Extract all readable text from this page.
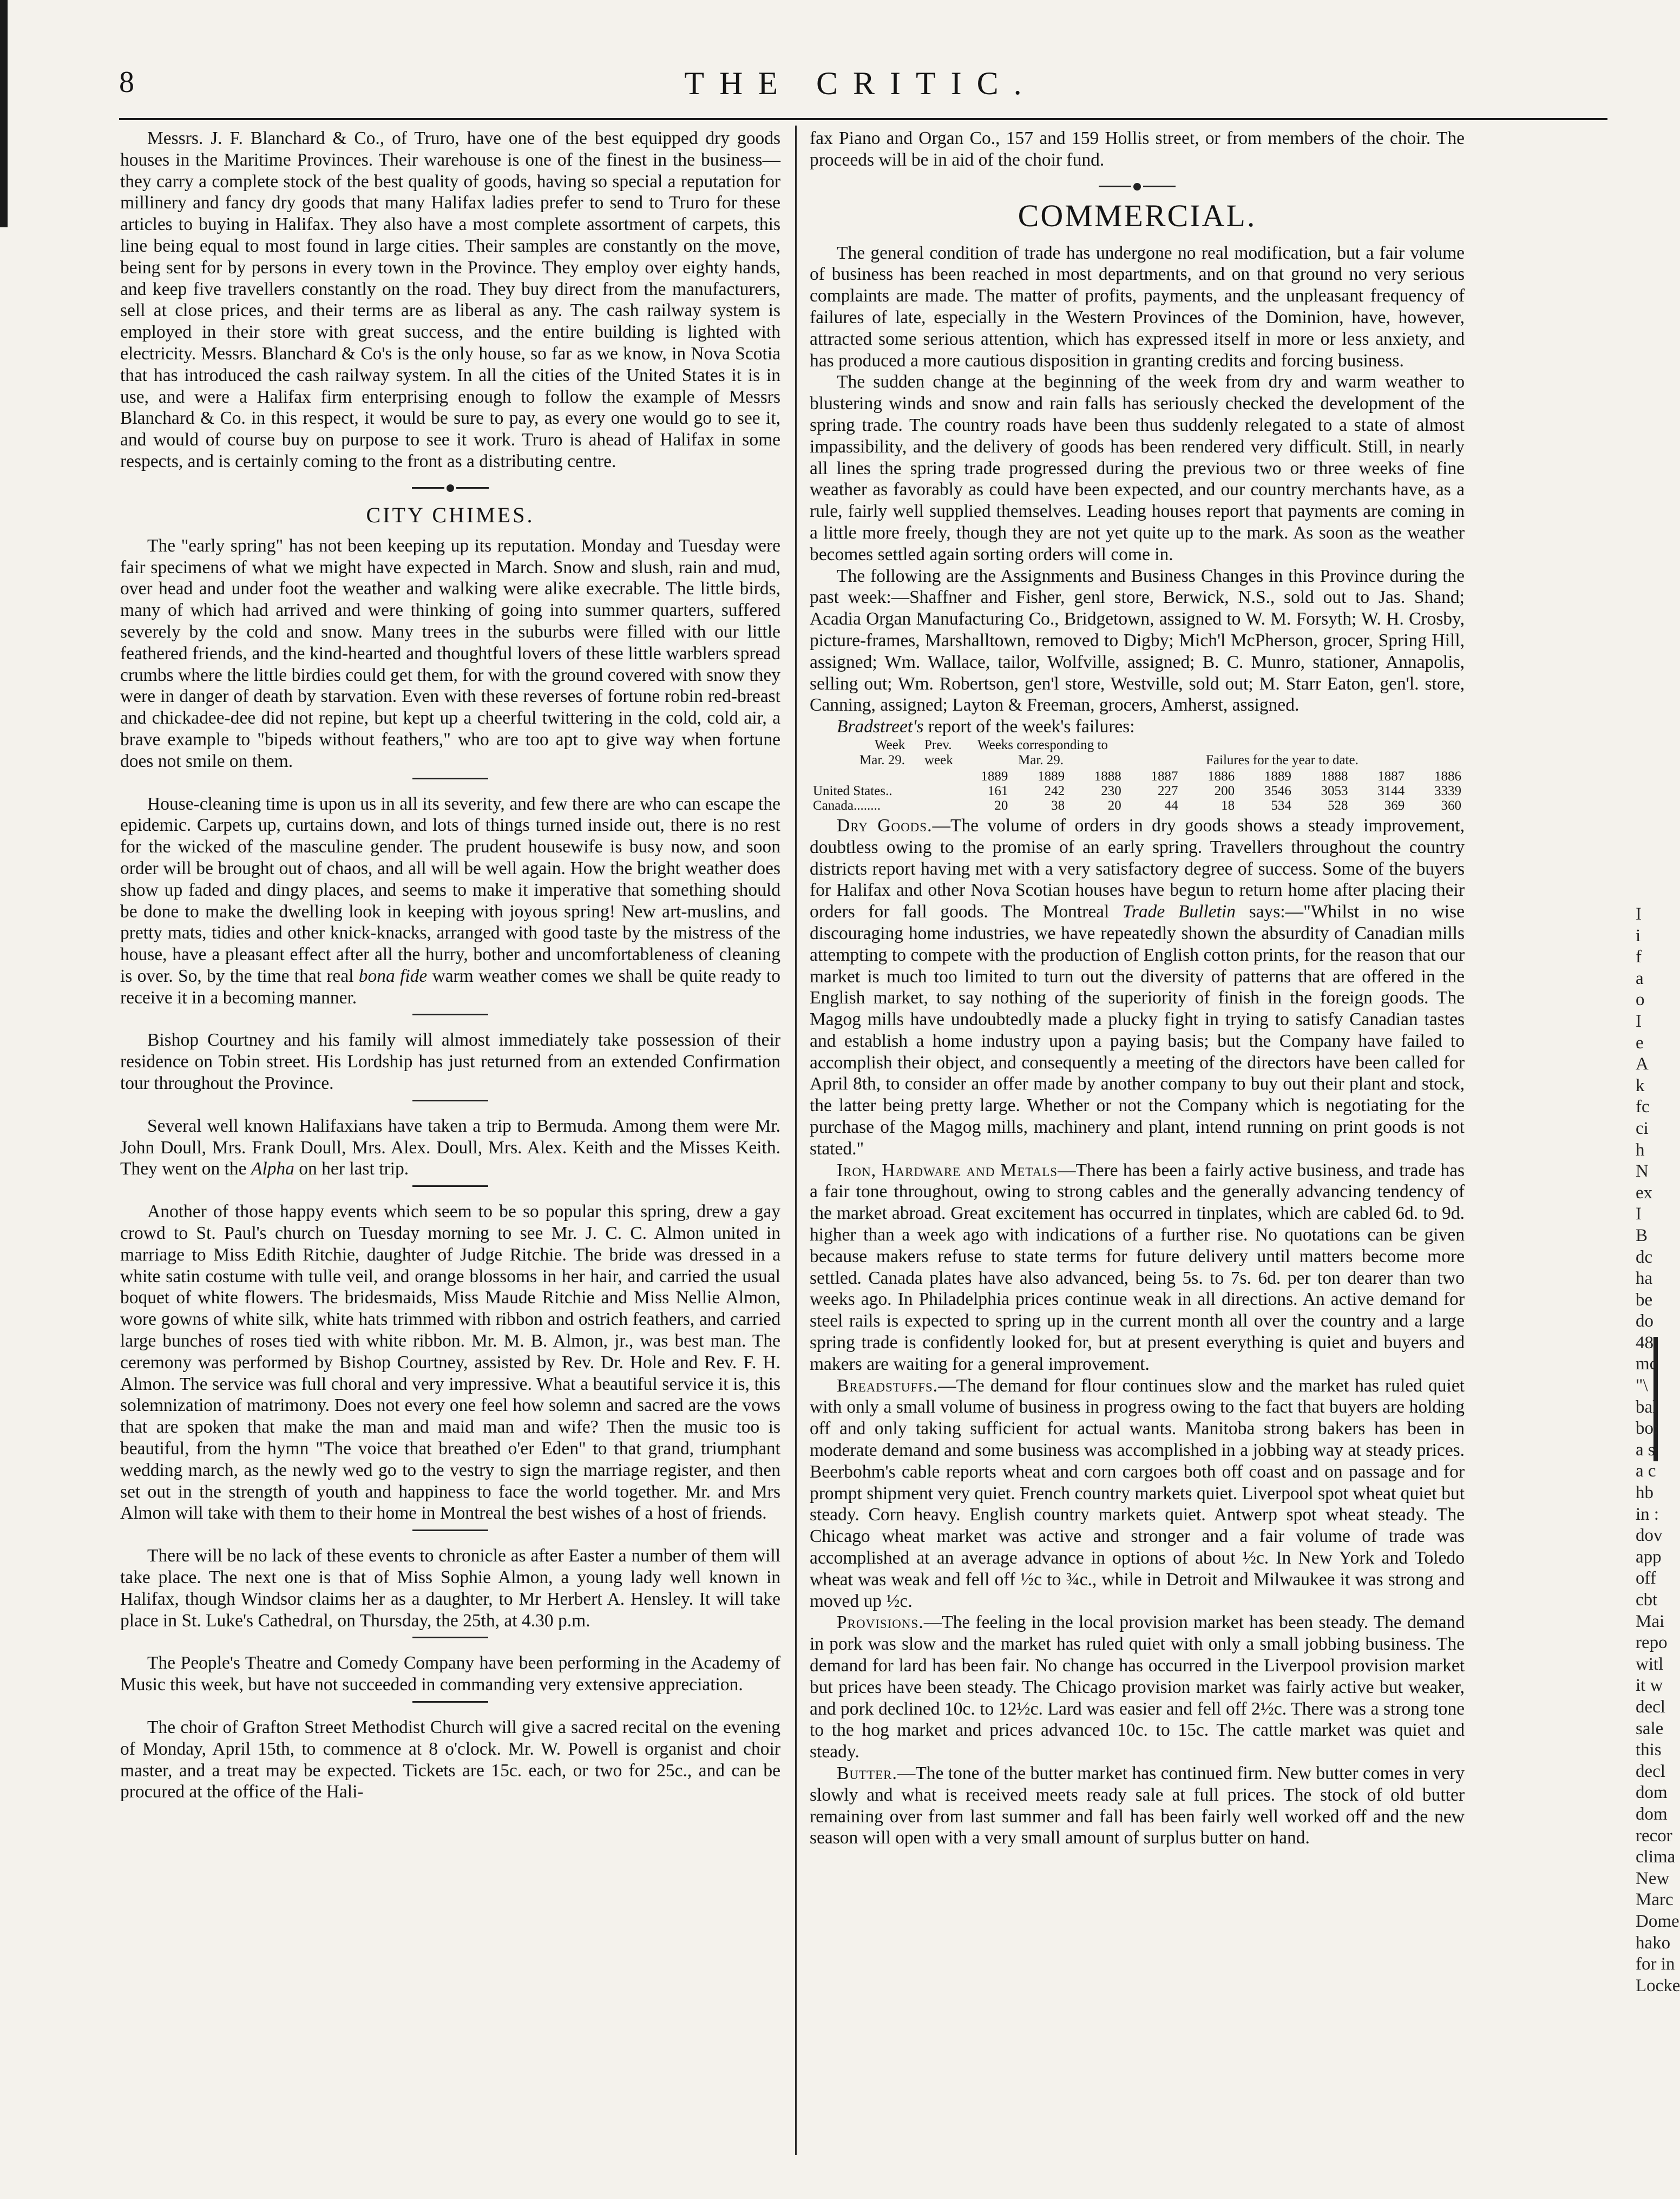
8	THE CRITIC.

Messrs. J. F. Blanchard & Co., of Truro, have one of the best equipped dry goods houses in the Maritime Provinces. Their warehouse is one of the finest in the business—they carry a complete stock of the best quality of goods, having so special a reputation for millinery and fancy dry goods that many Halifax ladies prefer to send to Truro for these articles to buying in Halifax. They also have a most complete assortment of carpets, this line being equal to most found in large cities. Their samples are constantly on the move, being sent for by persons in every town in the Province. They employ over eighty hands, and keep five travellers constantly on the road. They buy direct from the manufacturers, sell at close prices, and their terms are as liberal as any. The cash railway system is employed in their store with great success, and the entire building is lighted with electricity. Messrs. Blanchard & Co's is the only house, so far as we know, in Nova Scotia that has introduced the cash railway system. In all the cities of the United States it is in use, and were a Halifax firm enterprising enough to follow the example of Messrs Blanchard & Co. in this respect, it would be sure to pay, as every one would go to see it, and would of course buy on purpose to see it work. Truro is ahead of Halifax in some respects, and is certainly coming to the front as a distributing centre.

CITY CHIMES.

The "early spring" has not been keeping up its reputation. Monday and Tuesday were fair specimens of what we might have expected in March. Snow and slush, rain and mud, over head and under foot the weather and walking were alike execrable. The little birds, many of which had arrived and were thinking of going into summer quarters, suffered severely by the cold and snow. Many trees in the suburbs were filled with our little feathered friends, and the kind-hearted and thoughtful lovers of these little warblers spread crumbs where the little birdies could get them, for with the ground covered with snow they were in danger of death by starvation. Even with these reverses of fortune robin red-breast and chickadee-dee did not repine, but kept up a cheerful twittering in the cold, cold air, a brave example to "bipeds without feathers," who are too apt to give way when fortune does not smile on them.

House-cleaning time is upon us in all its severity, and few there are who can escape the epidemic. Carpets up, curtains down, and lots of things turned inside out, there is no rest for the wicked of the masculine gender. The prudent housewife is busy now, and soon order will be brought out of chaos, and all will be well again. How the bright weather does show up faded and dingy places, and seems to make it imperative that something should be done to make the dwelling look in keeping with joyous spring! New art-muslins, and pretty mats, tidies and other knick-knacks, arranged with good taste by the mistress of the house, have a pleasant effect after all the hurry, bother and uncomfortableness of cleaning is over. So, by the time that real bona fide warm weather comes we shall be quite ready to receive it in a becoming manner.

Bishop Courtney and his family will almost immediately take possession of their residence on Tobin street. His Lordship has just returned from an extended Confirmation tour throughout the Province.

Several well known Halifaxians have taken a trip to Bermuda. Among them were Mr. John Doull, Mrs. Frank Doull, Mrs. Alex. Doull, Mrs. Alex. Keith and the Misses Keith. They went on the Alpha on her last trip.

Another of those happy events which seem to be so popular this spring, drew a gay crowd to St. Paul's church on Tuesday morning to see Mr. J. C. C. Almon united in marriage to Miss Edith Ritchie, daughter of Judge Ritchie. The bride was dressed in a white satin costume with tulle veil, and orange blossoms in her hair, and carried the usual boquet of white flowers. The bridesmaids, Miss Maude Ritchie and Miss Nellie Almon, wore gowns of white silk, white hats trimmed with ribbon and ostrich feathers, and carried large bunches of roses tied with white ribbon. Mr. M. B. Almon, jr., was best man. The ceremony was performed by Bishop Courtney, assisted by Rev. Dr. Hole and Rev. F. H. Almon. The service was full choral and very impressive. What a beautiful service it is, this solemnization of matrimony. Does not every one feel how solemn and sacred are the vows that are spoken that make the man and maid man and wife? Then the music too is beautiful, from the hymn "The voice that breathed o'er Eden" to that grand, triumphant wedding march, as the newly wed go to the vestry to sign the marriage register, and then set out in the strength of youth and happiness to face the world together. Mr. and Mrs Almon will take with them to their home in Montreal the best wishes of a host of friends.

There will be no lack of these events to chronicle as after Easter a number of them will take place. The next one is that of Miss Sophie Almon, a young lady well known in Halifax, though Windsor claims her as a daughter, to Mr Herbert A. Hensley. It will take place in St. Luke's Cathedral, on Thursday, the 25th, at 4.30 p.m.

The People's Theatre and Comedy Company have been performing in the Academy of Music this week, but have not succeeded in commanding very extensive appreciation.

The choir of Grafton Street Methodist Church will give a sacred recital on the evening of Monday, April 15th, to commence at 8 o'clock. Mr. W. Powell is organist and choir master, and a treat may be expected. Tickets are 15c. each, or two for 25c., and can be procured at the office of the Hali-

fax Piano and Organ Co., 157 and 159 Hollis street, or from members of the choir. The proceeds will be in aid of the choir fund.

COMMERCIAL.

The general condition of trade has undergone no real modification, but a fair volume of business has been reached in most departments, and on that ground no very serious complaints are made. The matter of profits, payments, and the unpleasant frequency of failures of late, especially in the Western Provinces of the Dominion, have, however, attracted some serious attention, which has expressed itself in more or less anxiety, and has produced a more cautious disposition in granting credits and forcing business.

The sudden change at the beginning of the week from dry and warm weather to blustering winds and snow and rain falls has seriously checked the development of the spring trade. The country roads have been thus suddenly relegated to a state of almost impassibility, and the delivery of goods has been rendered very difficult. Still, in nearly all lines the spring trade progressed during the previous two or three weeks of fine weather as favorably as could have been expected, and our country merchants have, as a rule, fairly well supplied themselves. Leading houses report that payments are coming in a little more freely, though they are not yet quite up to the mark. As soon as the weather becomes settled again sorting orders will come in.

The following are the Assignments and Business Changes in this Province during the past week:—Shaffner and Fisher, genl store, Berwick, N.S., sold out to Jas. Shand; Acadia Organ Manufacturing Co., Bridgetown, assigned to W. M. Forsyth; W. H. Crosby, picture-frames, Marshalltown, removed to Digby; Mich'l McPherson, grocer, Spring Hill, assigned; Wm. Wallace, tailor, Wolfville, assigned; B. C. Munro, stationer, Annapolis, selling out; Wm. Robertson, gen'l store, Westville, sold out; M. Starr Eaton, gen'l. store, Canning, assigned; Layton & Freeman, grocers, Amherst, assigned.

Bradstreet's report of the week's failures:

Week Prev. Weeks corresponding to
Mar. 29. week	Mar. 29.	Failures for the year to date.
	1889	1889	1888	1887	1886	1889	1888	1887	1886
United States..	161	242	230	227	200	3546	3053	3144	3339
Canada........	20	38	20	44	18	534	528	369	360

Dry Goods.—The volume of orders in dry goods shows a steady improvement, doubtless owing to the promise of an early spring. Travellers throughout the country districts report having met with a very satisfactory degree of success. Some of the buyers for Halifax and other Nova Scotian houses have begun to return home after placing their orders for fall goods. The Montreal Trade Bulletin says:—"Whilst in no wise discouraging home industries, we have repeatedly shown the absurdity of Canadian mills attempting to compete with the production of English cotton prints, for the reason that our market is much too limited to turn out the diversity of patterns that are offered in the English market, to say nothing of the superiority of finish in the foreign goods. The Magog mills have undoubtedly made a plucky fight in trying to satisfy Canadian tastes and establish a home industry upon a paying basis; but the Company have failed to accomplish their object, and consequently a meeting of the directors have been called for April 8th, to consider an offer made by another company to buy out their plant and stock, the latter being pretty large. Whether or not the Company which is negotiating for the purchase of the Magog mills, machinery and plant, intend running on print goods is not stated."

Iron, Hardware and Metals—There has been a fairly active business, and trade has a fair tone throughout, owing to strong cables and the generally advancing tendency of the market abroad. Great excitement has occurred in tinplates, which are cabled 6d. to 9d. higher than a week ago with indications of a further rise. No quotations can be given because makers refuse to state terms for future delivery until matters become more settled. Canada plates have also advanced, being 5s. to 7s. 6d. per ton dearer than two weeks ago. In Philadelphia prices continue weak in all directions. An active demand for steel rails is expected to spring up in the current month all over the country and a large spring trade is confidently looked for, but at present everything is quiet and buyers and makers are waiting for a general improvement.

Breadstuffs.—The demand for flour continues slow and the market has ruled quiet with only a small volume of business in progress owing to the fact that buyers are holding off and only taking sufficient for actual wants. Manitoba strong bakers has been in moderate demand and some business was accomplished in a jobbing way at steady prices. Beerbohm's cable reports wheat and corn cargoes both off coast and on passage and for prompt shipment very quiet. French country markets quiet. Liverpool spot wheat quiet but steady. Corn heavy. English country markets quiet. Antwerp spot wheat steady. The Chicago wheat market was active and stronger and a fair volume of trade was accomplished at an average advance in options of about ½c. In New York and Toledo wheat was weak and fell off ½c to ¾c., while in Detroit and Milwaukee it was strong and moved up ½c.

Provisions.—The feeling in the local provision market has been steady. The demand in pork was slow and the market has ruled quiet with only a small jobbing business. The demand for lard has been fair. No change has occurred in the Liverpool provision market but prices have been steady. The Chicago provision market was fairly active but weaker, and pork declined 10c. to 12½c. Lard was easier and fell off 2½c. There was a strong tone to the hog market and prices advanced 10c. to 15c. The cattle market was quiet and steady.

Butter.—The tone of the butter market has continued firm. New butter comes in very slowly and what is received meets ready sale at full prices. The stock of old butter remaining over from last summer and fall has been fairly well worked off and the new season will open with a very small amount of surplus butter on hand.

I
i
f
a
o
I
e
A
k
fc
ci
h
N
ex
I
B
dc
ha
be
do
48
mc
"\
bal
bo:
a s
a c
hb
in :
dov
app
off
cbt
Mai
repo
witl
it w
decl
sale
this
decl
dom
dom
recor
clima
New
Marc
Dome
hako
for in
Locke
